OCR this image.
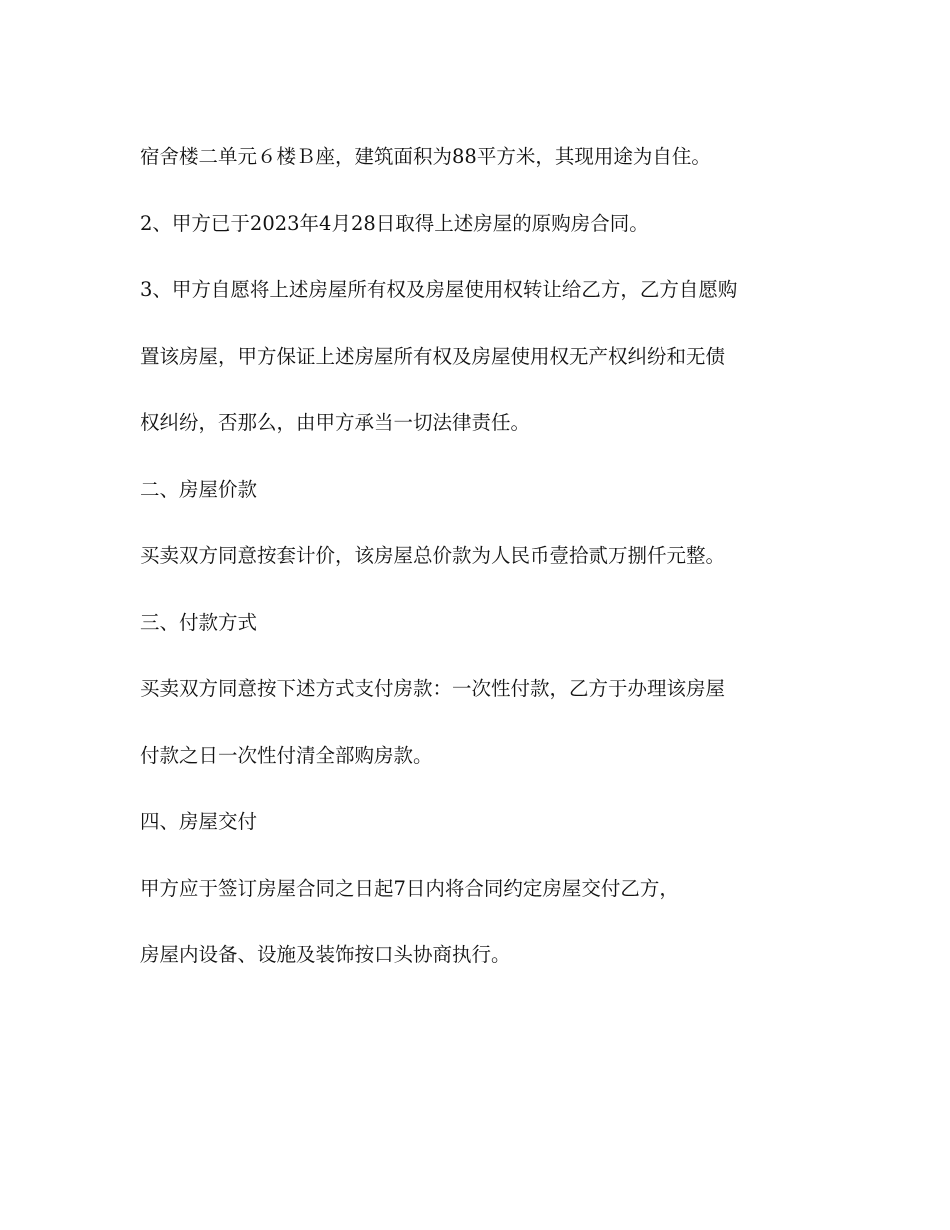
宿舍楼二单元６楼Ｂ座，建筑面积为88平方米，其现用途为自住。

2、甲方已于2023年4月28日取得上述房屋的原购房合同。

3、甲方自愿将上述房屋所有权及房屋使用权转让给乙方，乙方自愿购

置该房屋，甲方保证上述房屋所有权及房屋使用权无产权纠纷和无债

权纠纷，否那么，由甲方承当一切法律责任。

二、房屋价款

买卖双方同意按套计价，该房屋总价款为人民币壹拾贰万捌仟元整。

三、付款方式

买卖双方同意按下述方式支付房款：一次性付款，乙方于办理该房屋

付款之日一次性付清全部购房款。

四、房屋交付

甲方应于签订房屋合同之日起7日内将合同约定房屋交付乙方，

房屋内设备、设施及装饰按口头协商执行。
